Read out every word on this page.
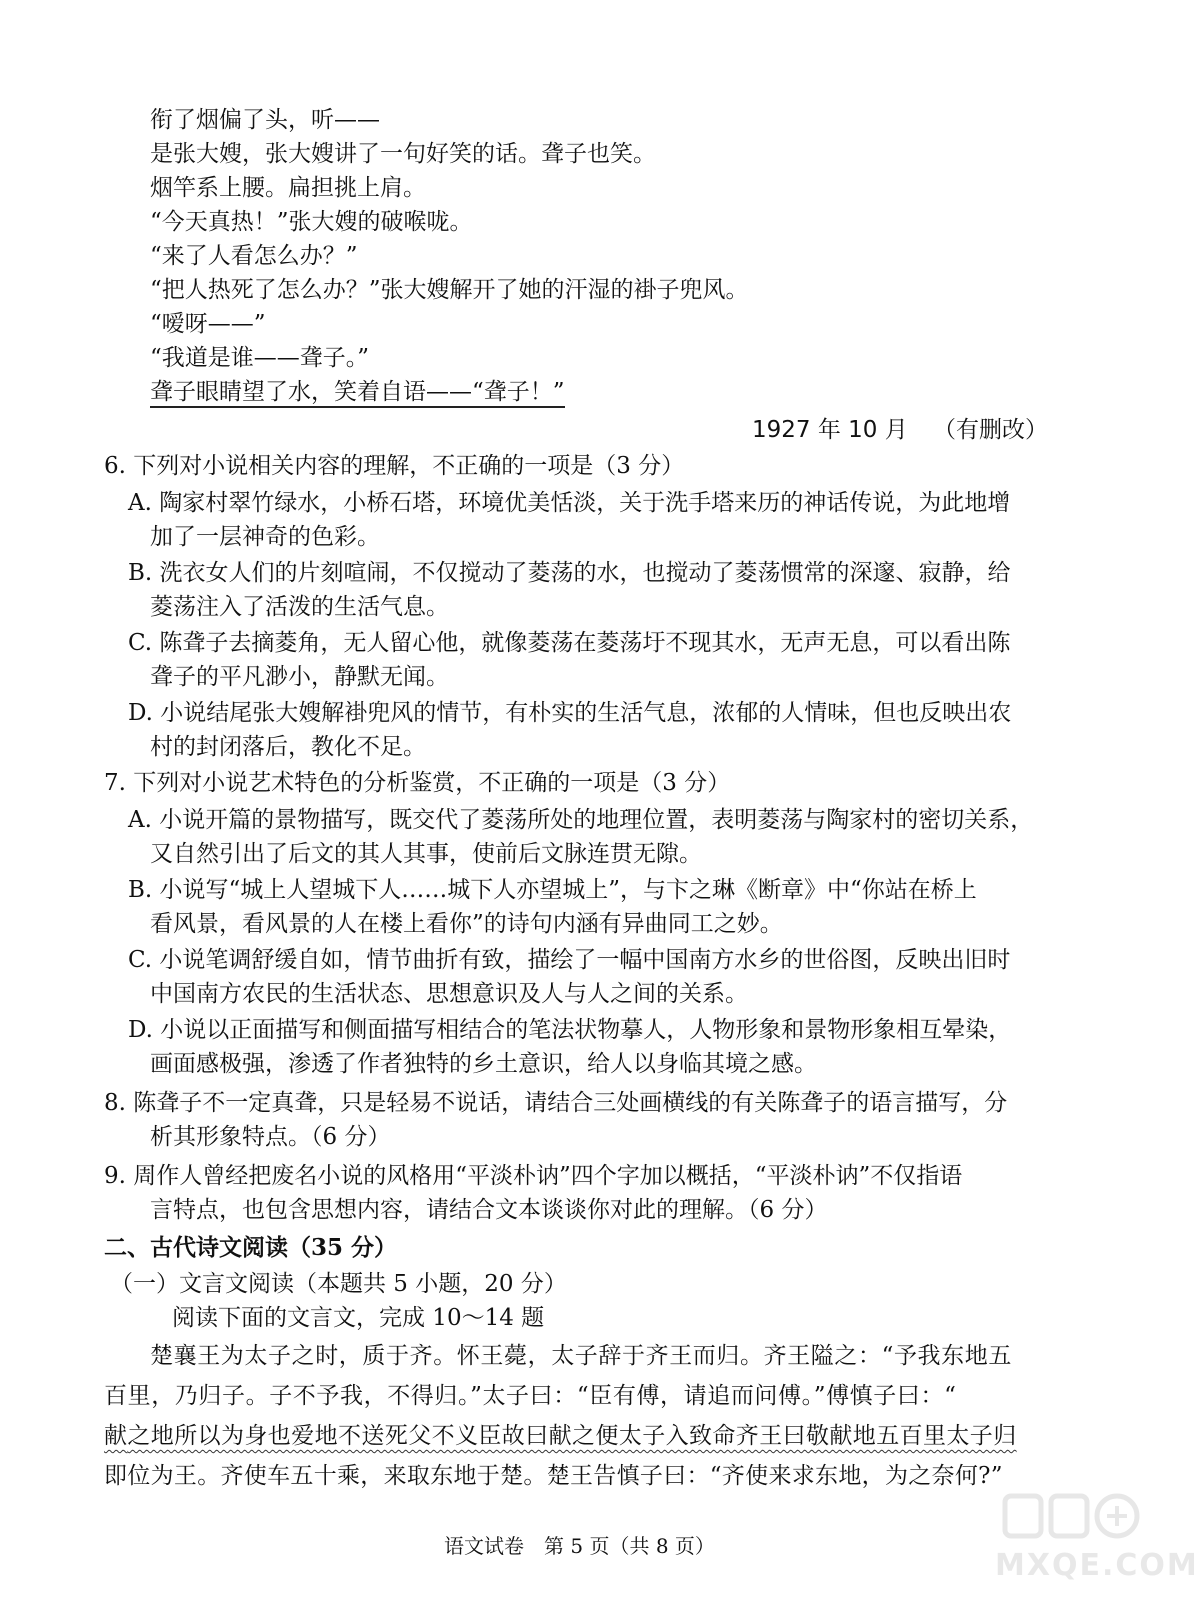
衔了烟偏了头，听——
是张大嫂，张大嫂讲了一句好笑的话。聋子也笑。
烟竿系上腰。扁担挑上肩。
“今天真热！”张大嫂的破喉咙。
“来了人看怎么办？”
“把人热死了怎么办？”张大嫂解开了她的汗湿的褂子兜风。
“嗳呀——”
“我道是谁——聋子。”
聋子眼睛望了水，笑着自语——“聋子！”
1927 年 10 月 （有删改）
6. 下列对小说相关内容的理解，不正确的一项是（3 分）
A. 陶家村翠竹绿水，小桥石塔，环境优美恬淡，关于洗手塔来历的神话传说，为此地增
加了一层神奇的色彩。
B. 洗衣女人们的片刻喧闹，不仅搅动了菱荡的水，也搅动了菱荡惯常的深邃、寂静，给
菱荡注入了活泼的生活气息。
C. 陈聋子去摘菱角，无人留心他，就像菱荡在菱荡圩不现其水，无声无息，可以看出陈
聋子的平凡渺小，静默无闻。
D. 小说结尾张大嫂解褂兜风的情节，有朴实的生活气息，浓郁的人情味，但也反映出农
村的封闭落后，教化不足。
7. 下列对小说艺术特色的分析鉴赏，不正确的一项是（3 分）
A. 小说开篇的景物描写，既交代了菱荡所处的地理位置，表明菱荡与陶家村的密切关系，
又自然引出了后文的其人其事，使前后文脉连贯无隙。
B. 小说写“城上人望城下人……城下人亦望城上”，与卞之琳《断章》中“你站在桥上
看风景，看风景的人在楼上看你”的诗句内涵有异曲同工之妙。
C. 小说笔调舒缓自如，情节曲折有致，描绘了一幅中国南方水乡的世俗图，反映出旧时
中国南方农民的生活状态、思想意识及人与人之间的关系。
D. 小说以正面描写和侧面描写相结合的笔法状物摹人，人物形象和景物形象相互晕染，
画面感极强，渗透了作者独特的乡土意识，给人以身临其境之感。
8. 陈聋子不一定真聋，只是轻易不说话，请结合三处画横线的有关陈聋子的语言描写，分
析其形象特点。（6 分）
9. 周作人曾经把废名小说的风格用“平淡朴讷”四个字加以概括，“平淡朴讷”不仅指语
言特点，也包含思想内容，请结合文本谈谈你对此的理解。（6 分）
二、古代诗文阅读（35 分）
（一）文言文阅读（本题共 5 小题，20 分）
阅读下面的文言文，完成 10～14 题
楚襄王为太子之时，质于齐。怀王薨，太子辞于齐王而归。齐王隘之：“予我东地五
百里，乃归子。子不予我，不得归。”太子曰：“臣有傅，请追而问傅。”傅慎子曰：“
献之地所以为身也爱地不送死父不义臣故曰献之便太子入致命齐王曰敬献地五百里太子归
即位为王。齐使车五十乘，来取东地于楚。楚王告慎子曰：“齐使来求东地，为之奈何?”
语文试卷　第 5 页（共 8 页）
MXQE.COM
